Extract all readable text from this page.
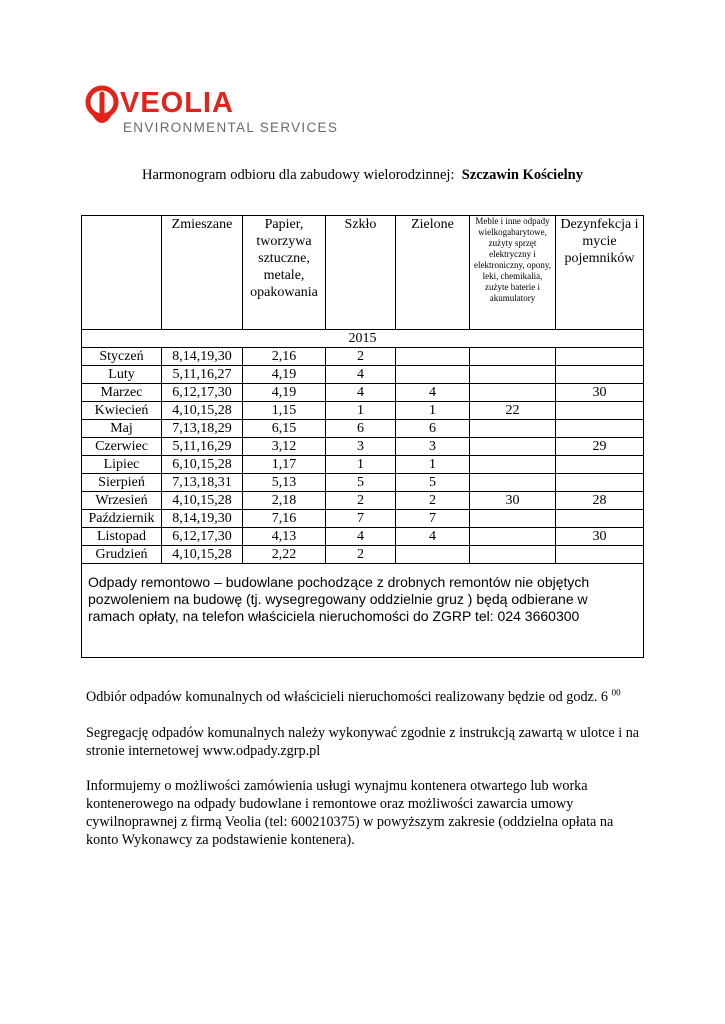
VEOLIA
ENVIRONMENTAL SERVICES
Harmonogram odbioru dla zabudowy wielorodzinnej: Szczawin Kościelny
	Zmieszane	Papier, tworzywa sztuczne, metale, opakowania	Szkło	Zielone	Meble i inne odpady wielkogabarytowe, zużyty sprzęt elektryczny i elektroniczny, opony, leki, chemikalia, zużyte baterie i akumulatory	Dezynfekcja i mycie pojemników
2015						
Styczeń	8,14,19,30	2,16	2			
Luty	5,11,16,27	4,19	4			
Marzec	6,12,17,30	4,19	4	4		30
Kwiecień	4,10,15,28	1,15	1	1	22	
Maj	7,13,18,29	6,15	6	6		
Czerwiec	5,11,16,29	3,12	3	3		29
Lipiec	6,10,15,28	1,17	1	1		
Sierpień	7,13,18,31	5,13	5	5		
Wrzesień	4,10,15,28	2,18	2	2	30	28
Październik	8,14,19,30	7,16	7	7		
Listopad	6,12,17,30	4,13	4	4		30
Grudzień	4,10,15,28	2,22	2			
Odpady remontowo – budowlane pochodzące z drobnych remontów nie objętych pozwoleniem na budowę (tj. wysegregowany oddzielnie gruz ) będą odbierane w ramach opłaty, na telefon właściciela nieruchomości do ZGRP tel: 024 3660300						
Odbiór odpadów komunalnych od właścicieli nieruchomości realizowany będzie od godz. 6 $^{00}$
Segregację odpadów komunalnych należy wykonywać zgodnie z instrukcją zawartą w ulotce i na stronie internetowej www.odpady.zgrp.pl
Informujemy o możliwości zamówienia usługi wynajmu kontenera otwartego lub worka kontenerowego na odpady budowlane i remontowe oraz możliwości zawarcia umowy cywilnoprawnej z firmą Veolia (tel: 600210375) w powyższym zakresie (oddzielna opłata na konto Wykonawcy za podstawienie kontenera).
